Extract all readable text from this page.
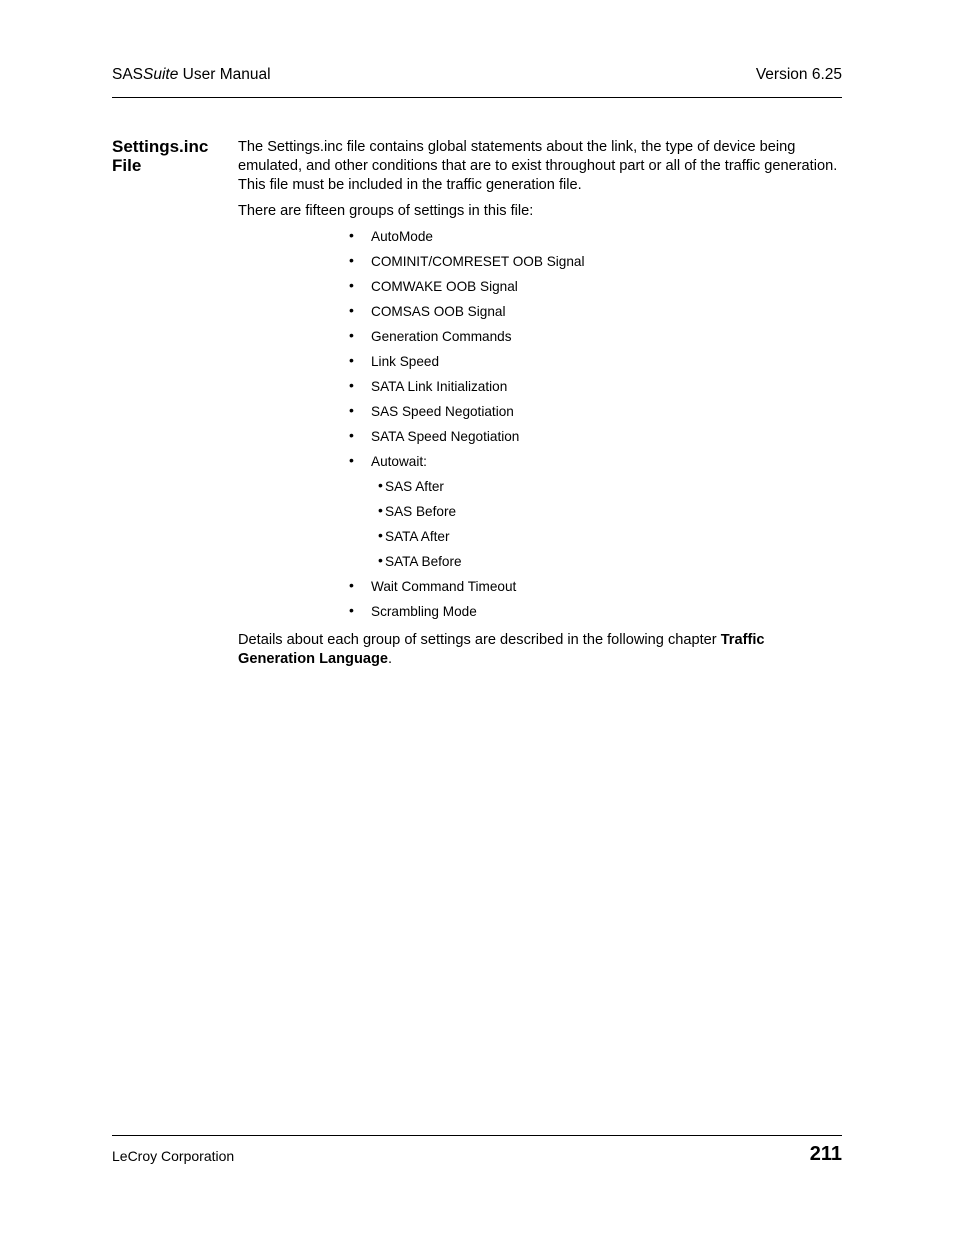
SASSuite User Manual	Version 6.25
Settings.inc File

The Settings.inc file contains global statements about the link, the type of device being emulated, and other conditions that are to exist throughout part or all of the traffic generation. This file must be included in the traffic generation file.

There are fifteen groups of settings in this file:

• AutoMode
• COMINIT/COMRESET OOB Signal
• COMWAKE OOB Signal
• COMSAS OOB Signal
• Generation Commands
• Link Speed
• SATA Link Initialization
• SAS Speed Negotiation
• SATA Speed Negotiation
• Autowait:
• SAS After
• SAS Before
• SATA After
• SATA Before
• Wait Command Timeout
• Scrambling Mode

Details about each group of settings are described in the following chapter Traffic Generation Language.

LeCroy Corporation	211
